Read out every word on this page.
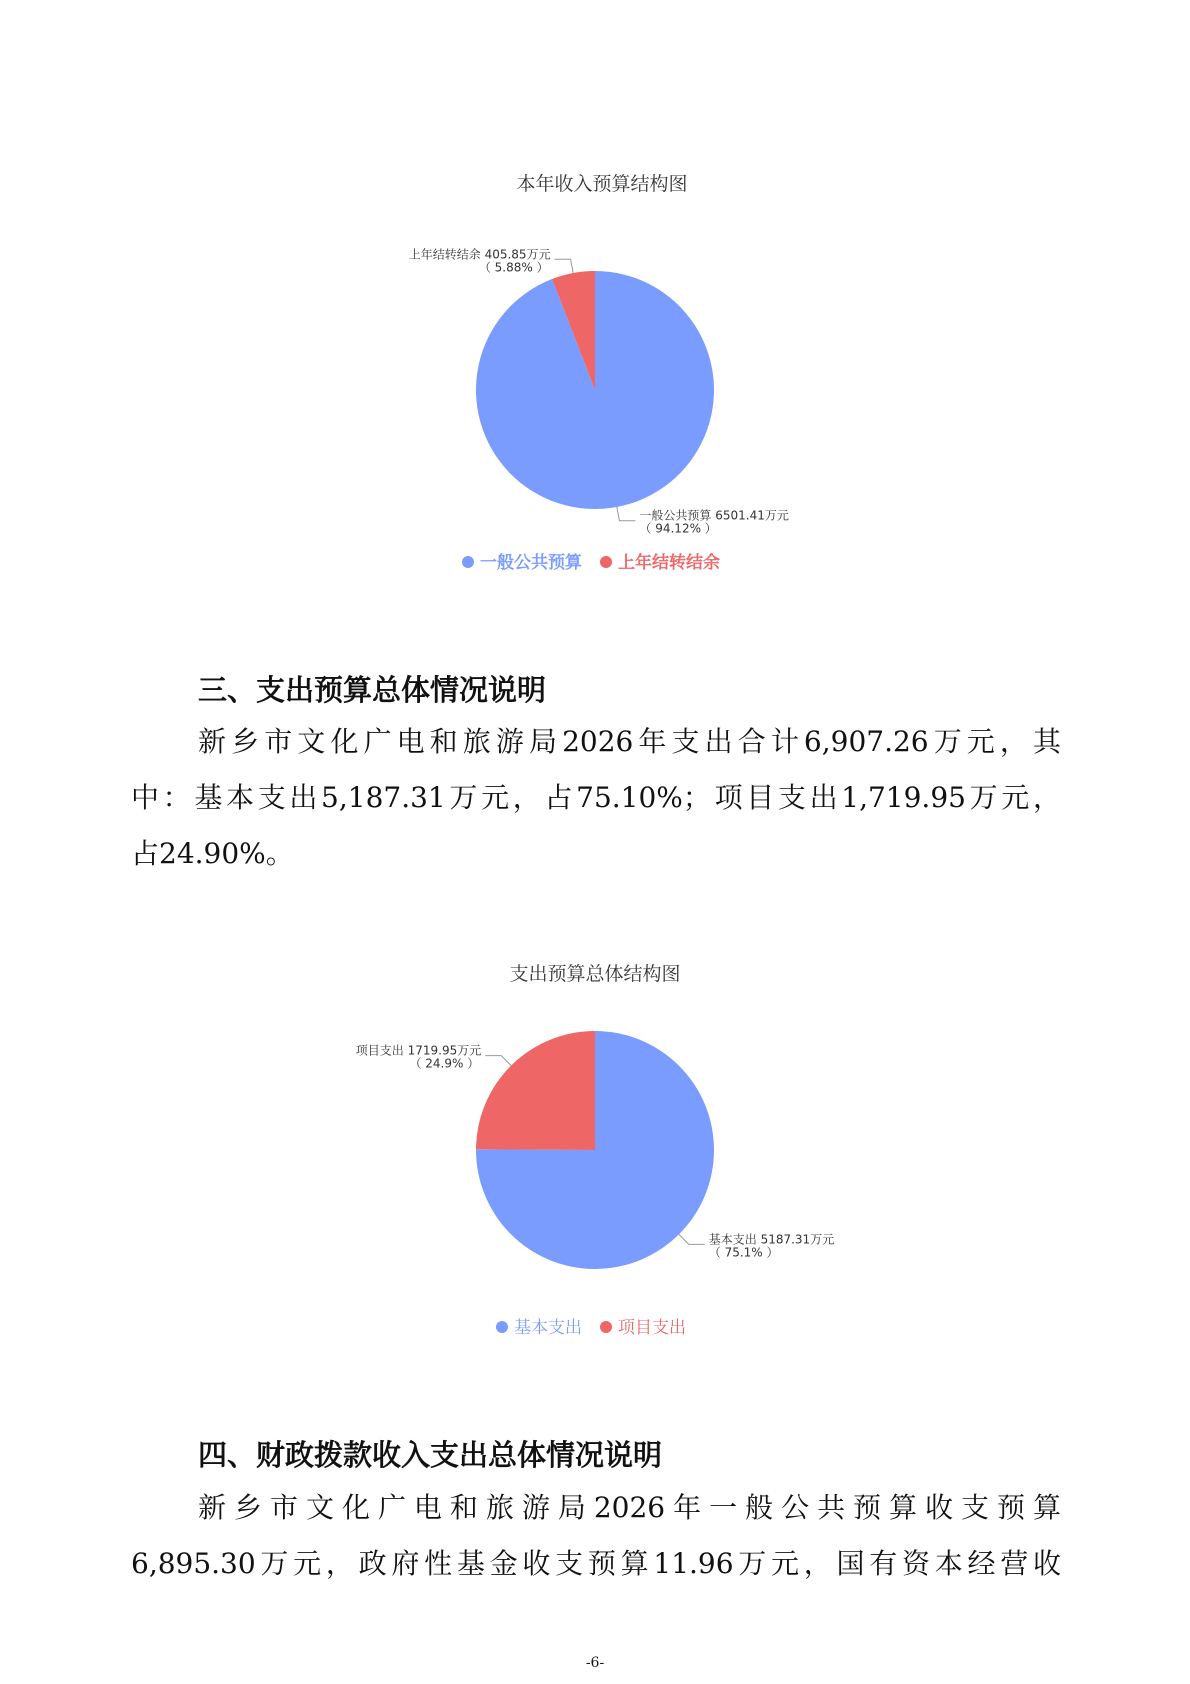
本年收入预算结构图
一般公共预算 6501.41万元
（ 94.12% ）
上年结转结余 405.85万元
（ 5.88% ）
一般公共预算 上年结转结余
三、支出预算总体情况说明
新乡市文化广电和旅游局2026年支出合计6,907.26万元，其
中：基本支出5,187.31万元，占75.10%；项目支出1,719.95万元，
占24.90%。
支出预算总体结构图
基本支出 5187.31万元
（ 75.1% ）
项目支出 1719.95万元
（ 24.9% ）
基本支出 项目支出
四、财政拨款收入支出总体情况说明
新乡市文化广电和旅游局2026年一般公共预算收支预算
6,895.30万元，政府性基金收支预算11.96万元，国有资本经营收
-6-
